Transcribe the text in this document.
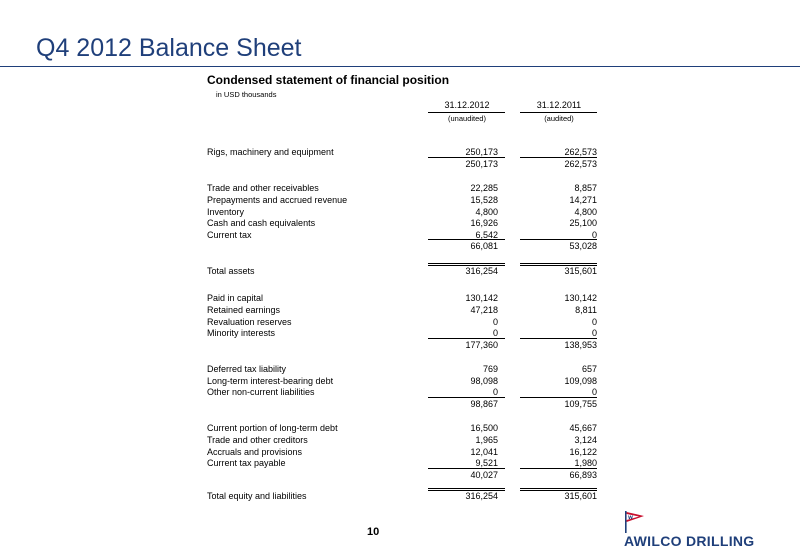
Q4 2012 Balance Sheet
Condensed statement of financial position
in USD thousands
31.12.2012
(unaudited)
31.12.2011
(audited)
Rigs, machinery and equipment	250,173	262,573
250,173	262,573
Trade and other receivables	22,285	8,857
Prepayments and accrued revenue	15,528	14,271
Inventory	4,800	4,800
Cash and cash equivalents	16,926	25,100
Current tax	6,542	0
66,081	53,028
Total assets	316,254	315,601
Paid in capital	130,142	130,142
Retained earnings	47,218	8,811
Revaluation reserves	0	0
Minority interests	0	0
177,360	138,953
Deferred tax liability	769	657
Long-term interest-bearing debt	98,098	109,098
Other non-current liabilities	0	0
98,867	109,755
Current portion of long-term debt	16,500	45,667
Trade and other creditors	1,965	3,124
Accruals and provisions	12,041	16,122
Current tax payable	9,521	1,980
40,027	66,893
Total equity and liabilities	316,254	315,601
10
W
AWILCO DRILLING
